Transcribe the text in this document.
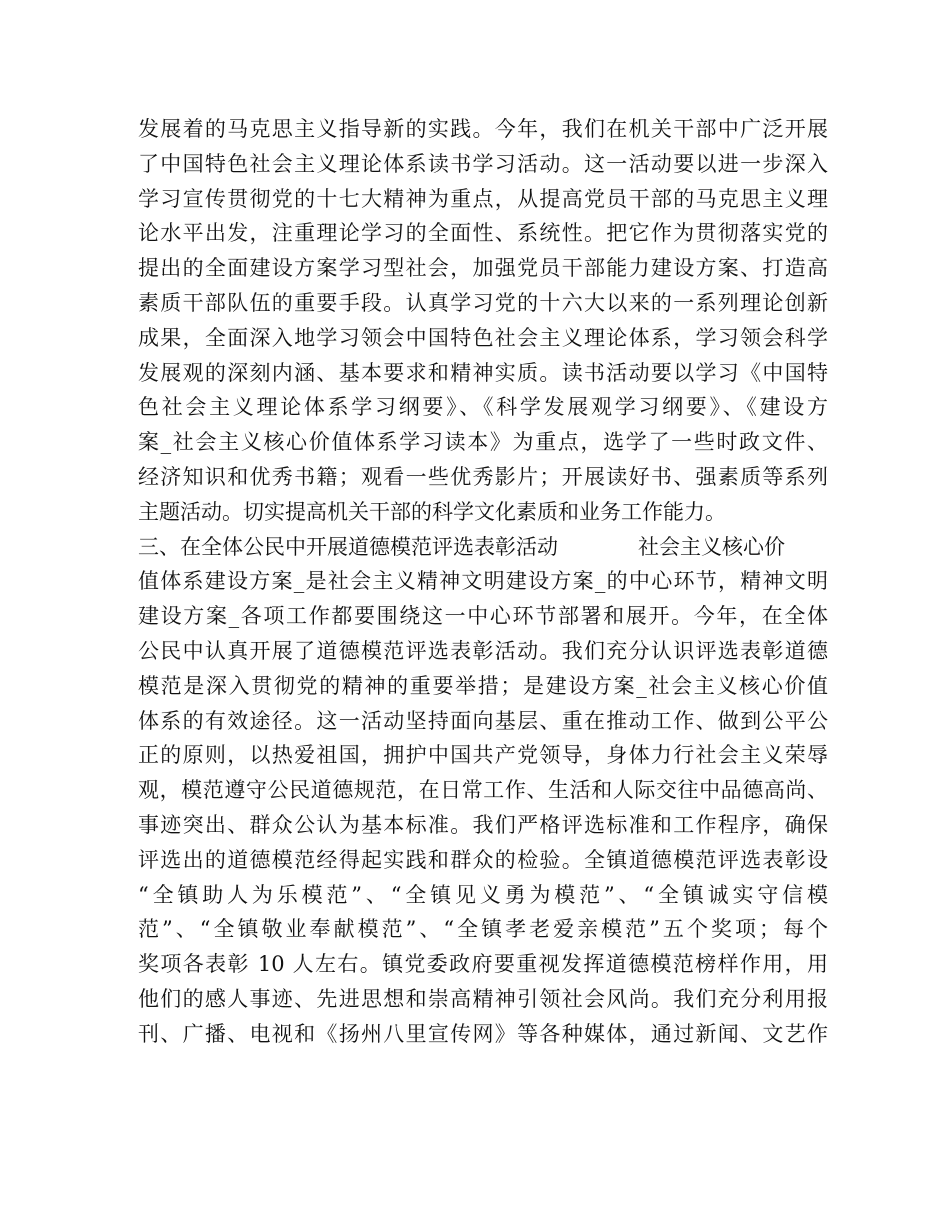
发展着的马克思主义指导新的实践。今年，我们在机关干部中广泛开展
了中国特色社会主义理论体系读书学习活动。这一活动要以进一步深入
学习宣传贯彻党的十七大精神为重点，从提高党员干部的马克思主义理
论水平出发，注重理论学习的全面性、系统性。把它作为贯彻落实党的
提出的全面建设方案学习型社会，加强党员干部能力建设方案、打造高
素质干部队伍的重要手段。认真学习党的十六大以来的一系列理论创新
成果，全面深入地学习领会中国特色社会主义理论体系，学习领会科学
发展观的深刻内涵、基本要求和精神实质。读书活动要以学习《中国特
色社会主义理论体系学习纲要》、《科学发展观学习纲要》、《建设方
案_社会主义核心价值体系学习读本》为重点，选学了一些时政文件、
经济知识和优秀书籍；观看一些优秀影片；开展读好书、强素质等系列
主题活动。切实提高机关干部的科学文化素质和业务工作能力。
三、在全体公民中开展道德模范评选表彰活动	社会主义核心价
值体系建设方案_是社会主义精神文明建设方案_的中心环节，精神文明
建设方案_各项工作都要围绕这一中心环节部署和展开。今年，在全体
公民中认真开展了道德模范评选表彰活动。我们充分认识评选表彰道德
模范是深入贯彻党的精神的重要举措；是建设方案_社会主义核心价值
体系的有效途径。这一活动坚持面向基层、重在推动工作、做到公平公
正的原则，以热爱祖国，拥护中国共产党领导，身体力行社会主义荣辱
观，模范遵守公民道德规范，在日常工作、生活和人际交往中品德高尚、
事迹突出、群众公认为基本标准。我们严格评选标准和工作程序，确保
评选出的道德模范经得起实践和群众的检验。全镇道德模范评选表彰设
“全镇助人为乐模范”、“全镇见义勇为模范”、“全镇诚实守信模
范”、“全镇敬业奉献模范”、“全镇孝老爱亲模范”五个奖项；每个
奖项各表彰 10 人左右。镇党委政府要重视发挥道德模范榜样作用，用
他们的感人事迹、先进思想和崇高精神引领社会风尚。我们充分利用报
刊、广播、电视和《扬州八里宣传网》等各种媒体，通过新闻、文艺作
